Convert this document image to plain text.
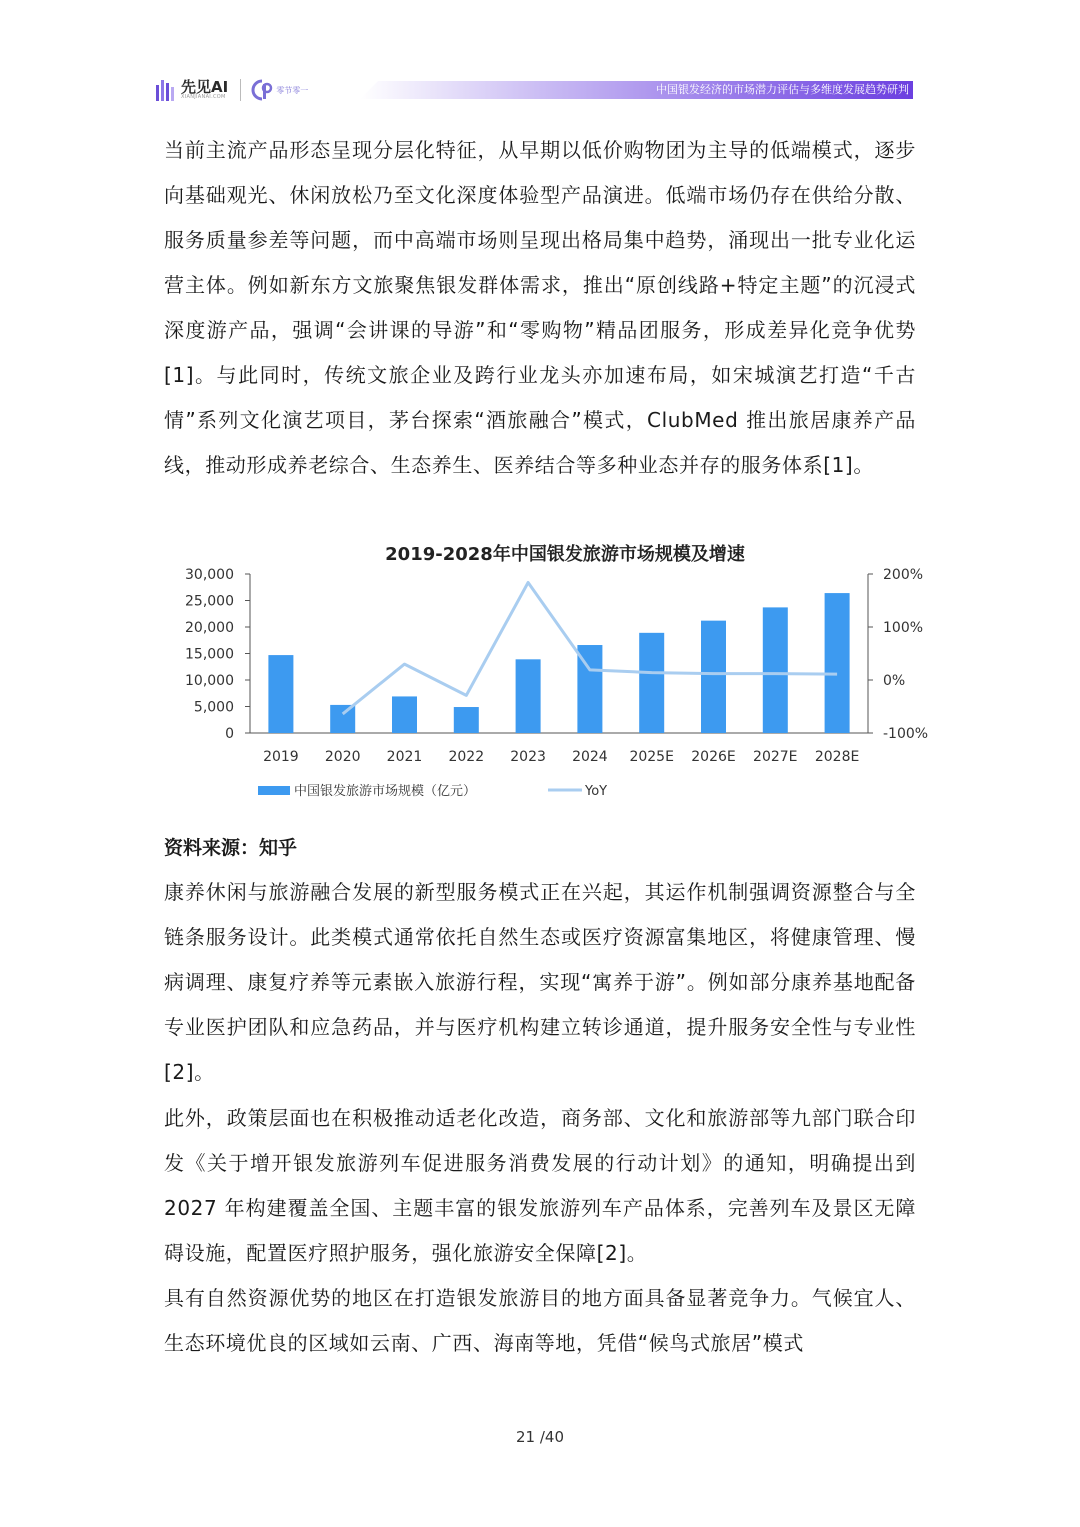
先见AI
XIANJIANAI.COM
零节零一	中国银发经济的市场潜力评估与多维度发展趋势研判

当前主流产品形态呈现分层化特征，从早期以低价购物团为主导的低端模式，逐步向基础观光、休闲放松乃至文化深度体验型产品演进。低端市场仍存在供给分散、服务质量参差等问题，而中高端市场则呈现出格局集中趋势，涌现出一批专业化运营主体。例如新东方文旅聚焦银发群体需求，推出“原创线路+特定主题”的沉浸式深度游产品，强调“会讲课的导游”和“零购物”精品团服务，形成差异化竞争优势[1]。与此同时，传统文旅企业及跨行业龙头亦加速布局，如宋城演艺打造“千古情”系列文化演艺项目，茅台探索“酒旅融合”模式，ClubMed 推出旅居康养产品线，推动形成养老综合、生态养生、医养结合等多种业态并存的服务体系[1]。

2019-2028年中国银发旅游市场规模及增速
0
5,000
10,000
15,000
20,000
25,000
30,000
-100%
0%
100%
200%
2019 2020 2021 2022 2023 2024 2025E 2026E 2027E 2028E
中国银发旅游市场规模（亿元）	YoY
资料来源：知乎

康养休闲与旅游融合发展的新型服务模式正在兴起，其运作机制强调资源整合与全链条服务设计。此类模式通常依托自然生态或医疗资源富集地区，将健康管理、慢病调理、康复疗养等元素嵌入旅游行程，实现“寓养于游”。例如部分康养基地配备专业医护团队和应急药品，并与医疗机构建立转诊通道，提升服务安全性与专业性[2]。

此外，政策层面也在积极推动适老化改造，商务部、文化和旅游部等九部门联合印发《关于增开银发旅游列车促进服务消费发展的行动计划》的通知，明确提出到 2027 年构建覆盖全国、主题丰富的银发旅游列车产品体系，完善列车及景区无障碍设施，配置医疗照护服务，强化旅游安全保障[2]。

具有自然资源优势的地区在打造银发旅游目的地方面具备显著竞争力。气候宜人、生态环境优良的区域如云南、广西、海南等地，凭借“候鸟式旅居”模式

21 /40
